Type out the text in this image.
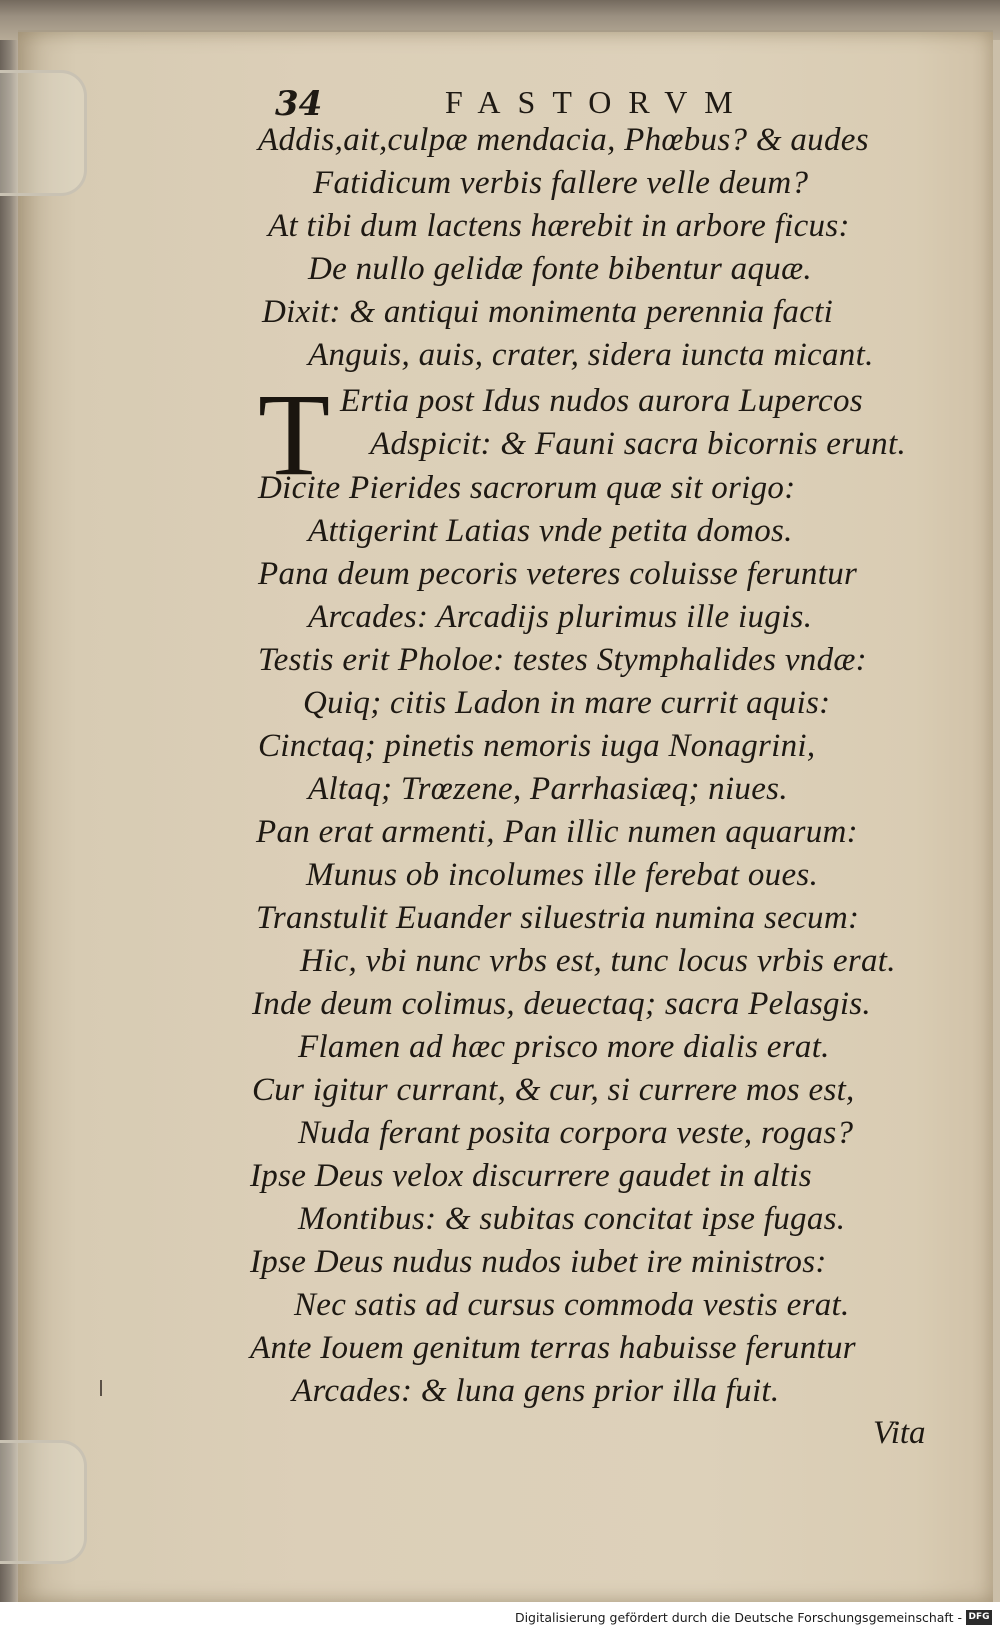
34	FASTORVM
T
Addis,ait,culpæ mendacia, Phœbus? & audes
Fatidicum verbis fallere velle deum?
At tibi dum lactens hærebit in arbore ficus:
De nullo gelidæ fonte bibentur aquæ.
Dixit: & antiqui monimenta perennia facti
Anguis, auis, crater, sidera iuncta micant.
Ertia post Idus nudos aurora Lupercos
Adspicit: & Fauni sacra bicornis erunt.
Dicite Pierides sacrorum quæ sit origo:
Attigerint Latias vnde petita domos.
Pana deum pecoris veteres coluisse feruntur
Arcades: Arcadijs plurimus ille iugis.
Testis erit Pholoe: testes Stymphalides vndæ:
Quiq; citis Ladon in mare currit aquis:
Cinctaq; pinetis nemoris iuga Nonagrini,
Altaq; Trœzene, Parrhasiæq; niues.
Pan erat armenti, Pan illic numen aquarum:
Munus ob incolumes ille ferebat oues.
Transtulit Euander siluestria numina secum:
Hic, vbi nunc vrbs est, tunc locus vrbis erat.
Inde deum colimus, deuectaq; sacra Pelasgis.
Flamen ad hæc prisco more dialis erat.
Cur igitur currant, & cur, si currere mos est,
Nuda ferant posita corpora veste, rogas?
Ipse Deus velox discurrere gaudet in altis
Montibus: & subitas concitat ipse fugas.
Ipse Deus nudus nudos iubet ire ministros:
Nec satis ad cursus commoda vestis erat.
Ante Iouem genitum terras habuisse feruntur
Arcades: & luna gens prior illa fuit.
Vita
Digitalisierung gefördert durch die Deutsche Forschungsgemeinschaft - DFG
